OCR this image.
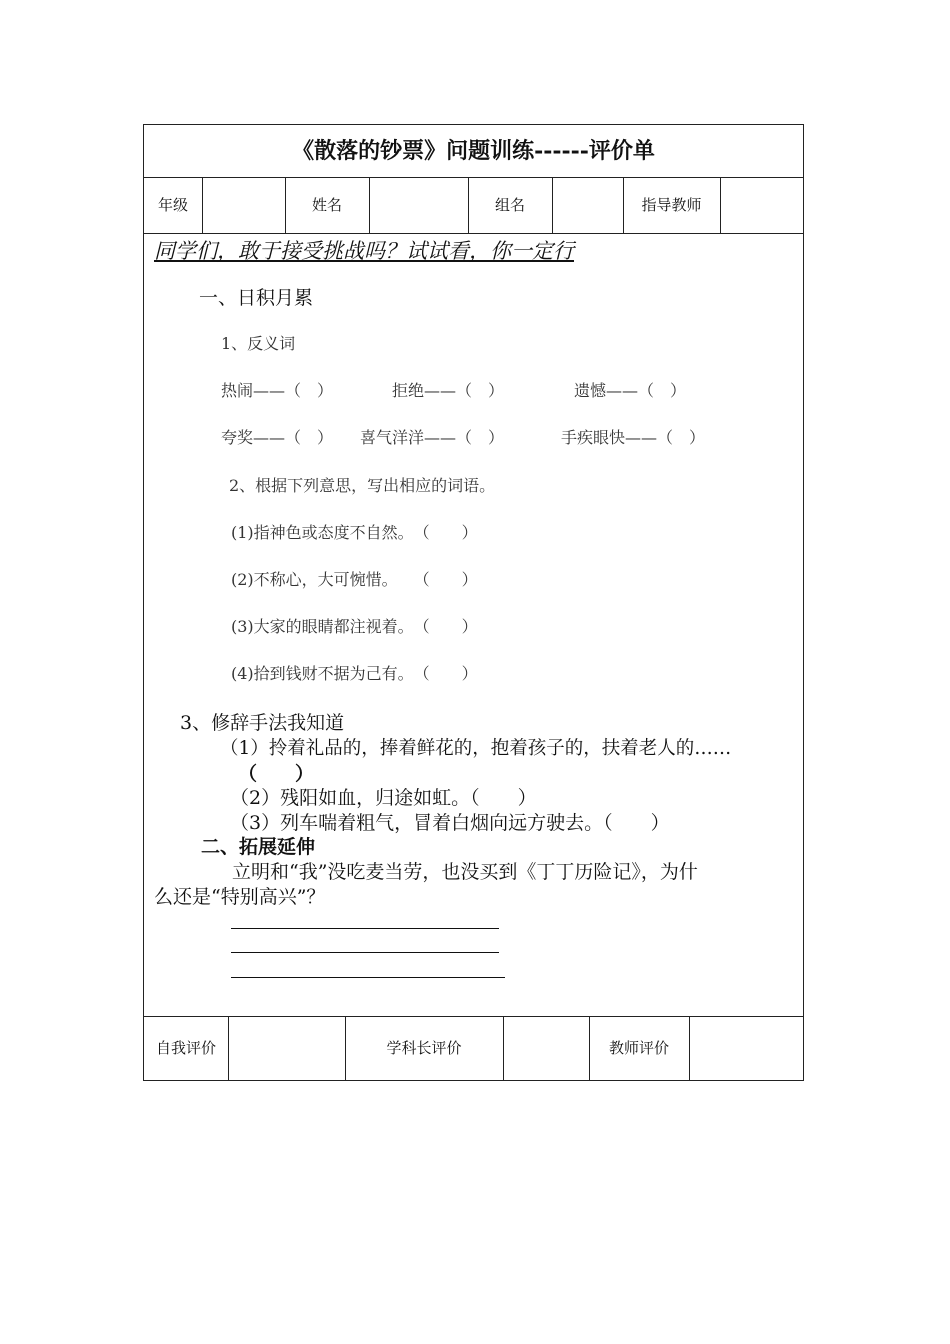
《散落的钞票》问题训练------评价单
年级	姓名	组名	指导教师
同学们，敢于接受挑战吗？试试看，你一定行
一、日积月累
1、反义词
热闹——（　）	拒绝——（　）	遗憾——（　）
夸奖——（　） 喜气洋洋——（　）	手疾眼快——（　）
2、根据下列意思，写出相应的词语。
(1)指神色或态度不自然。　（　　）
(2)不称心，大可惋惜。　　（　　）
(3)大家的眼睛都注视着。　（　　）
(4)拾到钱财不据为己有。　（　　）
3、修辞手法我知道
（1）拎着礼品的，捧着鲜花的，抱着孩子的，扶着老人的……
（　　）
（2）残阳如血，归途如虹。（　　）
（3）列车喘着粗气，冒着白烟向远方驶去。（　　）
二、拓展延伸
立明和“我”没吃麦当劳，也没买到《丁丁历险记》，为什
么还是“特别高兴”？
自我评价	学科长评价	教师评价
